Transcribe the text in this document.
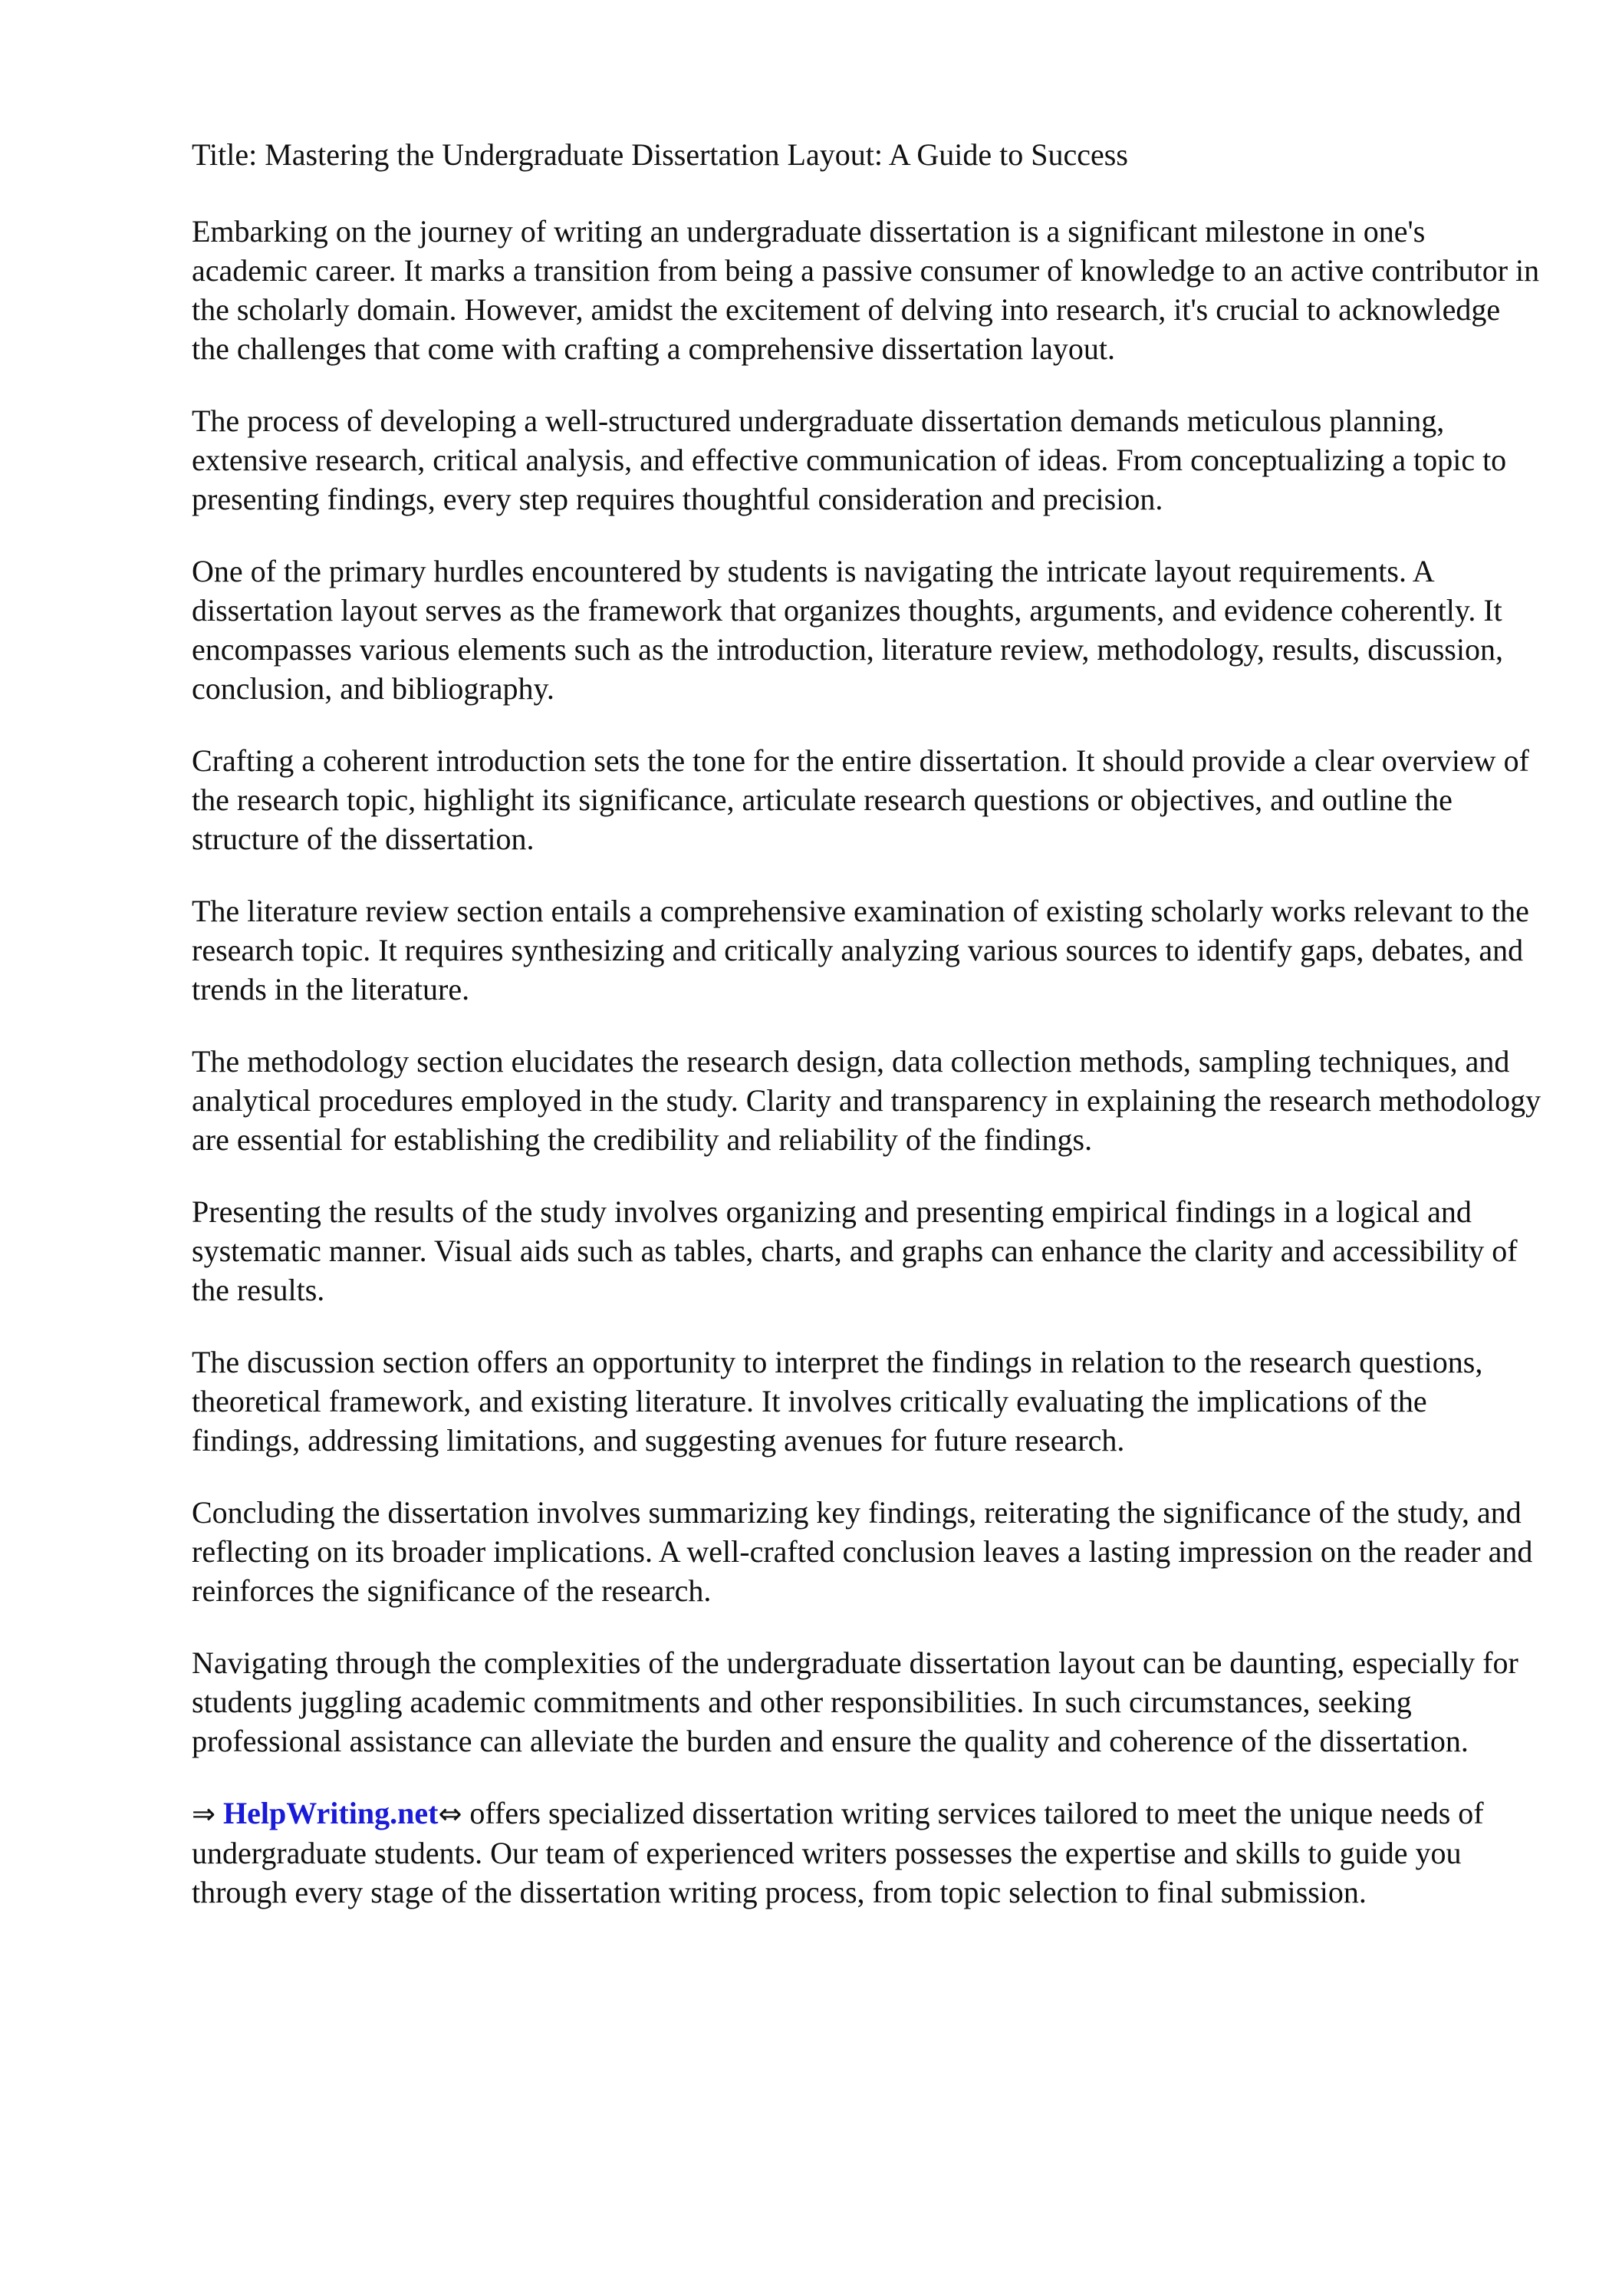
Title: Mastering the Undergraduate Dissertation Layout: A Guide to Success

Embarking on the journey of writing an undergraduate dissertation is a significant milestone in one's academic career. It marks a transition from being a passive consumer of knowledge to an active contributor in the scholarly domain. However, amidst the excitement of delving into research, it's crucial to acknowledge the challenges that come with crafting a comprehensive dissertation layout.

The process of developing a well-structured undergraduate dissertation demands meticulous planning, extensive research, critical analysis, and effective communication of ideas. From conceptualizing a topic to presenting findings, every step requires thoughtful consideration and precision.

One of the primary hurdles encountered by students is navigating the intricate layout requirements. A dissertation layout serves as the framework that organizes thoughts, arguments, and evidence coherently. It encompasses various elements such as the introduction, literature review, methodology, results, discussion, conclusion, and bibliography.

Crafting a coherent introduction sets the tone for the entire dissertation. It should provide a clear overview of the research topic, highlight its significance, articulate research questions or objectives, and outline the structure of the dissertation.

The literature review section entails a comprehensive examination of existing scholarly works relevant to the research topic. It requires synthesizing and critically analyzing various sources to identify gaps, debates, and trends in the literature.

The methodology section elucidates the research design, data collection methods, sampling techniques, and analytical procedures employed in the study. Clarity and transparency in explaining the research methodology are essential for establishing the credibility and reliability of the findings.

Presenting the results of the study involves organizing and presenting empirical findings in a logical and systematic manner. Visual aids such as tables, charts, and graphs can enhance the clarity and accessibility of the results.

The discussion section offers an opportunity to interpret the findings in relation to the research questions, theoretical framework, and existing literature. It involves critically evaluating the implications of the findings, addressing limitations, and suggesting avenues for future research.

Concluding the dissertation involves summarizing key findings, reiterating the significance of the study, and reflecting on its broader implications. A well-crafted conclusion leaves a lasting impression on the reader and reinforces the significance of the research.

Navigating through the complexities of the undergraduate dissertation layout can be daunting, especially for students juggling academic commitments and other responsibilities. In such circumstances, seeking professional assistance can alleviate the burden and ensure the quality and coherence of the dissertation.

⇒ HelpWriting.net⇔ offers specialized dissertation writing services tailored to meet the unique needs of undergraduate students. Our team of experienced writers possesses the expertise and skills to guide you through every stage of the dissertation writing process, from topic selection to final submission.
